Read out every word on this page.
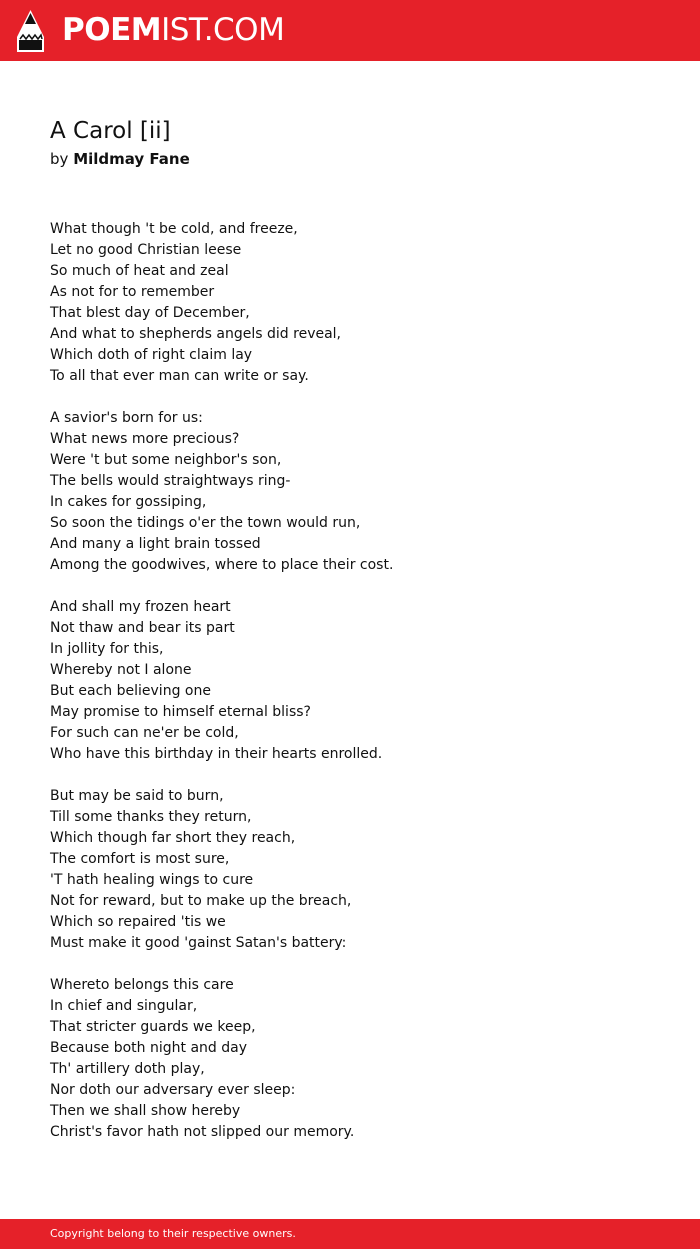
POEMIST.COM
A Carol [ii]
by Mildmay Fane
What though 't be cold, and freeze,
Let no good Christian leese
So much of heat and zeal
As not for to remember
That blest day of December,
And what to shepherds angels did reveal,
Which doth of right claim lay
To all that ever man can write or say.
A savior's born for us:
What news more precious?
Were 't but some neighbor's son,
The bells would straightways ring-
In cakes for gossiping,
So soon the tidings o'er the town would run,
And many a light brain tossed
Among the goodwives, where to place their cost.
And shall my frozen heart
Not thaw and bear its part
In jollity for this,
Whereby not I alone
But each believing one
May promise to himself eternal bliss?
For such can ne'er be cold,
Who have this birthday in their hearts enrolled.
But may be said to burn,
Till some thanks they return,
Which though far short they reach,
The comfort is most sure,
'T hath healing wings to cure
Not for reward, but to make up the breach,
Which so repaired 'tis we
Must make it good 'gainst Satan's battery:
Whereto belongs this care
In chief and singular,
That stricter guards we keep,
Because both night and day
Th' artillery doth play,
Nor doth our adversary ever sleep:
Then we shall show hereby
Christ's favor hath not slipped our memory.
Copyright belong to their respective owners.
